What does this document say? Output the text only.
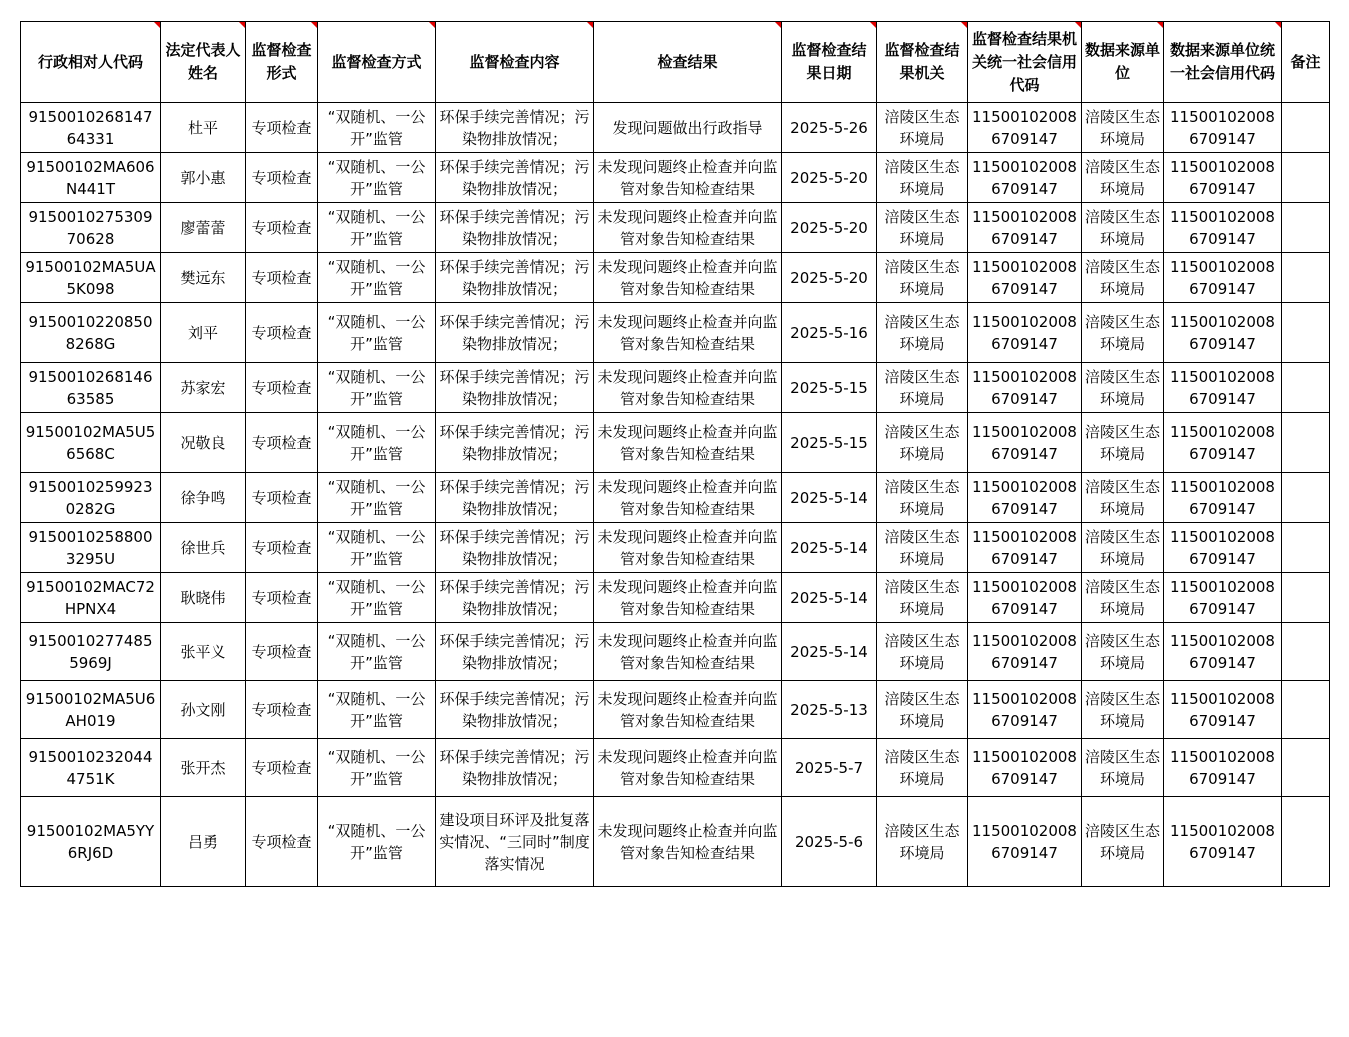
行政相对人代码	法定代表人姓名	监督检查形式	监督检查方式	监督检查内容	检查结果	监督检查结果日期	监督检查结果机关	监督检查结果机关统一社会信用代码	数据来源单位	数据来源单位统一社会信用代码	备注
915001026814764331	杜平	专项检查	“双随机、一公开”监管	环保手续完善情况；污染物排放情况；	发现问题做出行政指导	2025-5-26	涪陵区生态环境局	115001020086709147	涪陵区生态环境局	115001020086709147	
91500102MA606N441T	郭小惠	专项检查	“双随机、一公开”监管	环保手续完善情况；污染物排放情况；	未发现问题终止检查并向监管对象告知检查结果	2025-5-20	涪陵区生态环境局	115001020086709147	涪陵区生态环境局	115001020086709147	
915001027530970628	廖蕾蕾	专项检查	“双随机、一公开”监管	环保手续完善情况；污染物排放情况；	未发现问题终止检查并向监管对象告知检查结果	2025-5-20	涪陵区生态环境局	115001020086709147	涪陵区生态环境局	115001020086709147	
91500102MA5UA5K098	樊远东	专项检查	“双随机、一公开”监管	环保手续完善情况；污染物排放情况；	未发现问题终止检查并向监管对象告知检查结果	2025-5-20	涪陵区生态环境局	115001020086709147	涪陵区生态环境局	115001020086709147	
91500102208508268G	刘平	专项检查	“双随机、一公开”监管	环保手续完善情况；污染物排放情况；	未发现问题终止检查并向监管对象告知检查结果	2025-5-16	涪陵区生态环境局	115001020086709147	涪陵区生态环境局	115001020086709147	
915001026814663585	苏家宏	专项检查	“双随机、一公开”监管	环保手续完善情况；污染物排放情况；	未发现问题终止检查并向监管对象告知检查结果	2025-5-15	涪陵区生态环境局	115001020086709147	涪陵区生态环境局	115001020086709147	
91500102MA5U56568C	况敬良	专项检查	“双随机、一公开”监管	环保手续完善情况；污染物排放情况；	未发现问题终止检查并向监管对象告知检查结果	2025-5-15	涪陵区生态环境局	115001020086709147	涪陵区生态环境局	115001020086709147	
91500102599230282G	徐争鸣	专项检查	“双随机、一公开”监管	环保手续完善情况；污染物排放情况；	未发现问题终止检查并向监管对象告知检查结果	2025-5-14	涪陵区生态环境局	115001020086709147	涪陵区生态环境局	115001020086709147	
91500102588003295U	徐世兵	专项检查	“双随机、一公开”监管	环保手续完善情况；污染物排放情况；	未发现问题终止检查并向监管对象告知检查结果	2025-5-14	涪陵区生态环境局	115001020086709147	涪陵区生态环境局	115001020086709147	
91500102MAC72HPNX4	耿晓伟	专项检查	“双随机、一公开”监管	环保手续完善情况；污染物排放情况；	未发现问题终止检查并向监管对象告知检查结果	2025-5-14	涪陵区生态环境局	115001020086709147	涪陵区生态环境局	115001020086709147	
91500102774855969J	张平义	专项检查	“双随机、一公开”监管	环保手续完善情况；污染物排放情况；	未发现问题终止检查并向监管对象告知检查结果	2025-5-14	涪陵区生态环境局	115001020086709147	涪陵区生态环境局	115001020086709147	
91500102MA5U6AH019	孙文刚	专项检查	“双随机、一公开”监管	环保手续完善情况；污染物排放情况；	未发现问题终止检查并向监管对象告知检查结果	2025-5-13	涪陵区生态环境局	115001020086709147	涪陵区生态环境局	115001020086709147	
91500102320444751K	张开杰	专项检查	“双随机、一公开”监管	环保手续完善情况；污染物排放情况；	未发现问题终止检查并向监管对象告知检查结果	2025-5-7	涪陵区生态环境局	115001020086709147	涪陵区生态环境局	115001020086709147	
91500102MA5YY6RJ6D	吕勇	专项检查	“双随机、一公开”监管	建设项目环评及批复落实情况、“三同时”制度落实情况	未发现问题终止检查并向监管对象告知检查结果	2025-5-6	涪陵区生态环境局	115001020086709147	涪陵区生态环境局	115001020086709147	
